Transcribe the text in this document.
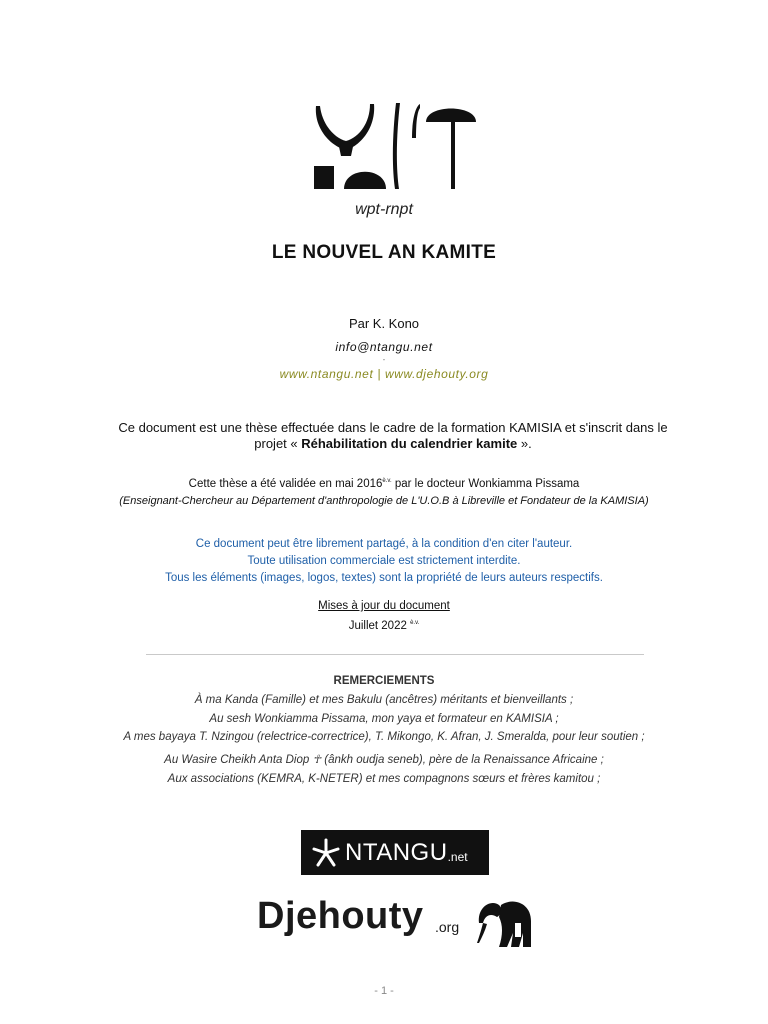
wpt-rnpt
LE NOUVEL AN KAMITE
Par K. Kono
info@ntangu.net
-
www.ntangu.net | www.djehouty.org
Ce document est une thèse effectuée dans le cadre de la formation KAMISIA et s'inscrit dans le projet « Réhabilitation du calendrier kamite ».
Cette thèse a été validée en mai $2016^{è.v.}$ par le docteur Wonkiamma Pissama
(Enseignant-Chercheur au Département d'anthropologie de L'U.O.B à Libreville et Fondateur de la KAMISIA)
Ce document peut être librement partagé, à la condition d'en citer l'auteur.
Toute utilisation commerciale est strictement interdite.
Tous les éléments (images, logos, textes) sont la propriété de leurs auteurs respectifs.
Mises à jour du document
Juillet 2022 $^{è.v.}$
REMERCIEMENTS
À ma Kanda (Famille) et mes Bakulu (ancêtres) méritants et bienveillants ;
Au sesh Wonkiamma Pissama, mon yaya et formateur en KAMISIA ;
A mes bayaya T. Nzingou (relectrice-correctrice), T. Mikongo, K. Afran, J. Smeralda, pour leur soutien ;
Au Wasire Cheikh Anta Diop ☥ (ânkh oudja seneb), père de la Renaissance Africaine ;
Aux associations (KEMRA, K-NETER) et mes compagnons sœurs et frères kamitou ;
NTANGU .net
Djehouty .org
- 1 -
